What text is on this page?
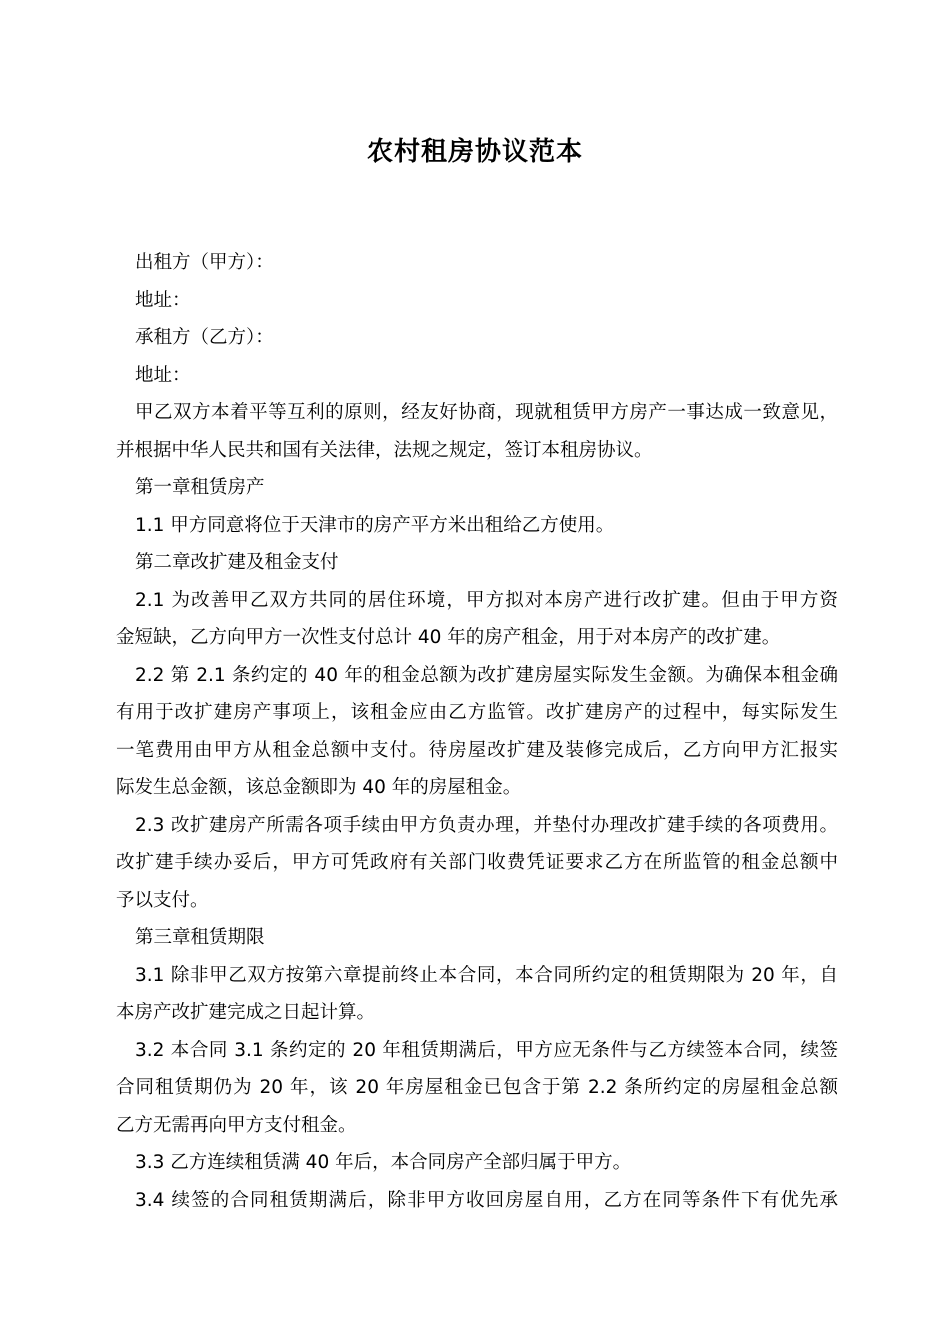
农村租房协议范本

出租方（甲方）：

地址：

承租方（乙方）：

地址：

甲乙双方本着平等互利的原则，经友好协商，现就租赁甲方房产一事达成一致意见，

并根据中华人民共和国有关法律，法规之规定，签订本租房协议。

第一章租赁房产

1.1 甲方同意将位于天津市的房产平方米出租给乙方使用。

第二章改扩建及租金支付

2.1 为改善甲乙双方共同的居住环境，甲方拟对本房产进行改扩建。但由于甲方资

金短缺，乙方向甲方一次性支付总计 40 年的房产租金，用于对本房产的改扩建。

2.2 第 2.1 条约定的 40 年的租金总额为改扩建房屋实际发生金额。为确保本租金确

有用于改扩建房产事项上，该租金应由乙方监管。改扩建房产的过程中，每实际发生

一笔费用由甲方从租金总额中支付。待房屋改扩建及装修完成后，乙方向甲方汇报实

际发生总金额，该总金额即为 40 年的房屋租金。

2.3 改扩建房产所需各项手续由甲方负责办理，并垫付办理改扩建手续的各项费用。

改扩建手续办妥后，甲方可凭政府有关部门收费凭证要求乙方在所监管的租金总额中

予以支付。

第三章租赁期限

3.1 除非甲乙双方按第六章提前终止本合同，本合同所约定的租赁期限为 20 年，自

本房产改扩建完成之日起计算。

3.2 本合同 3.1 条约定的 20 年租赁期满后，甲方应无条件与乙方续签本合同，续签

合同租赁期仍为 20 年，该 20 年房屋租金已包含于第 2.2 条所约定的房屋租金总额

乙方无需再向甲方支付租金。

3.3 乙方连续租赁满 40 年后，本合同房产全部归属于甲方。

3.4 续签的合同租赁期满后，除非甲方收回房屋自用，乙方在同等条件下有优先承
